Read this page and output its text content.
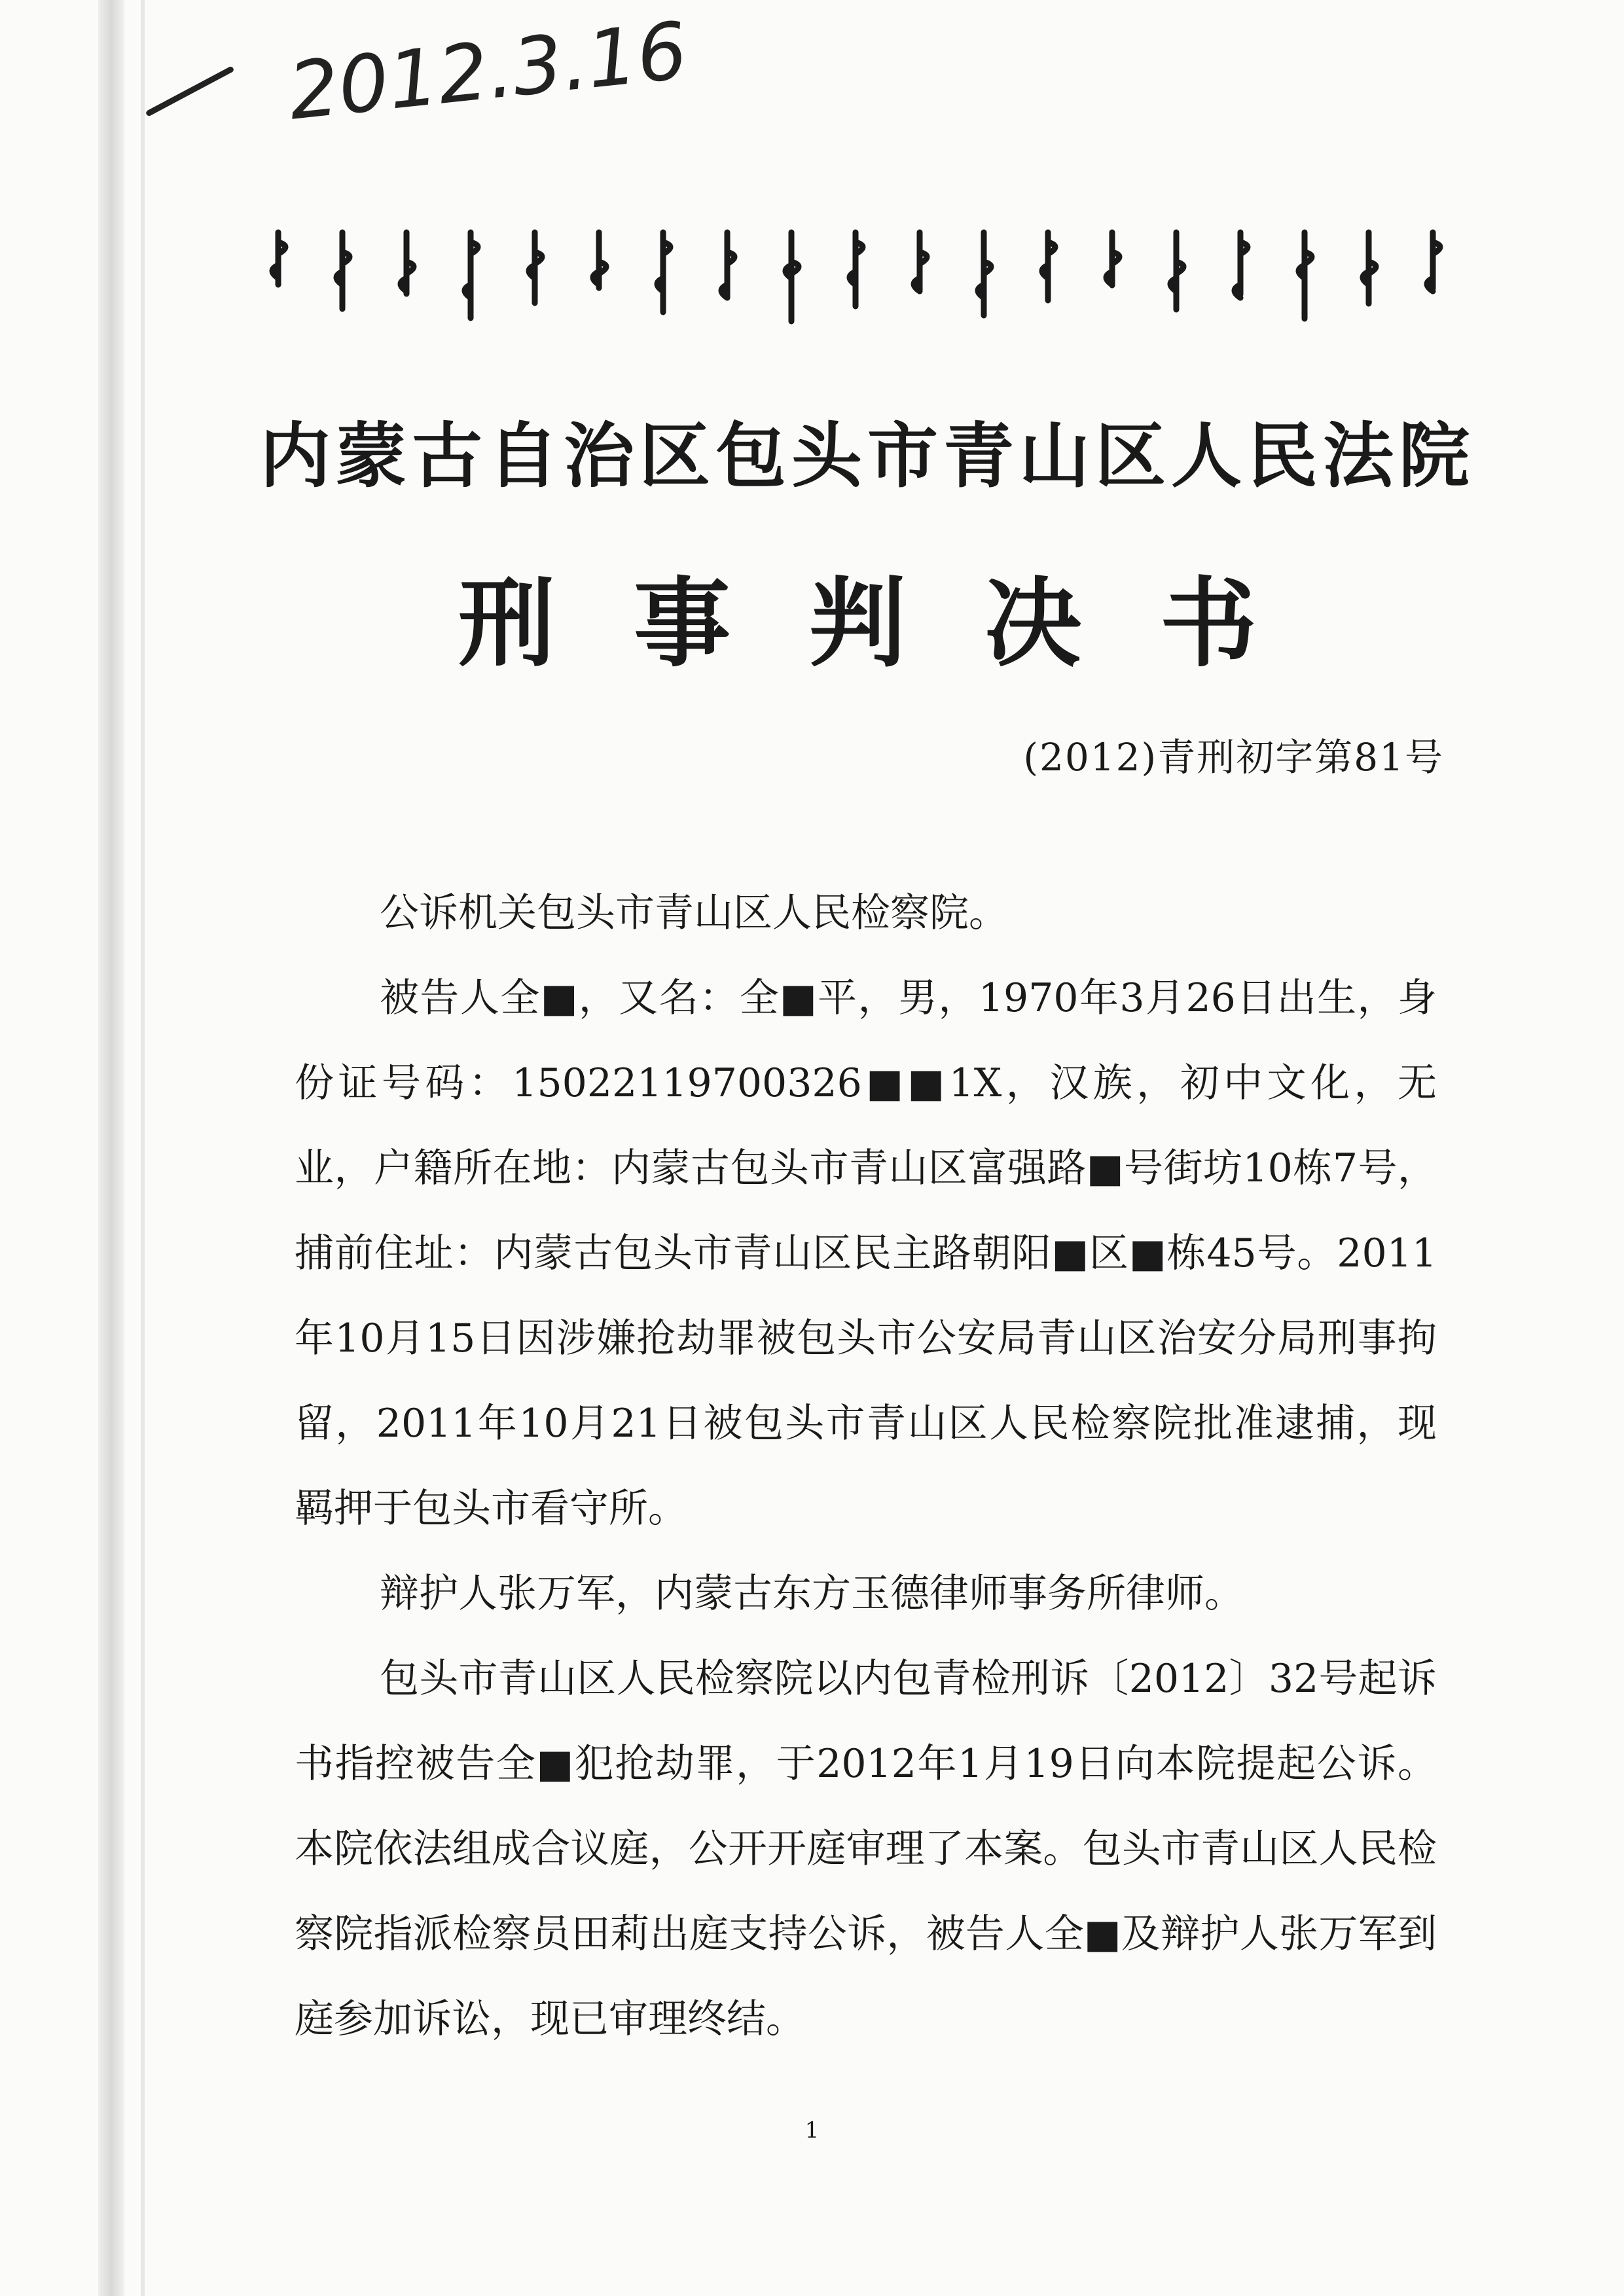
2012.3.16
内蒙古自治区包头市青山区人民法院
刑事判决书
(2012)青刑初字第81号

公诉机关包头市青山区人民检察院。

被告人全■，又名：全■平，男，1970年3月26日出生，身份证号码：15022119700326■■1X，汉族，初中文化，无业，户籍所在地：内蒙古包头市青山区富强路■号街坊10栋7号，捕前住址：内蒙古包头市青山区民主路朝阳■区■栋45号。2011年10月15日因涉嫌抢劫罪被包头市公安局青山区治安分局刑事拘留，2011年10月21日被包头市青山区人民检察院批准逮捕，现羁押于包头市看守所。

辩护人张万军，内蒙古东方玉德律师事务所律师。

包头市青山区人民检察院以内包青检刑诉〔2012〕32号起诉书指控被告全■犯抢劫罪，于2012年1月19日向本院提起公诉。本院依法组成合议庭，公开开庭审理了本案。包头市青山区人民检察院指派检察员田莉出庭支持公诉，被告人全■及辩护人张万军到庭参加诉讼，现已审理终结。

1
